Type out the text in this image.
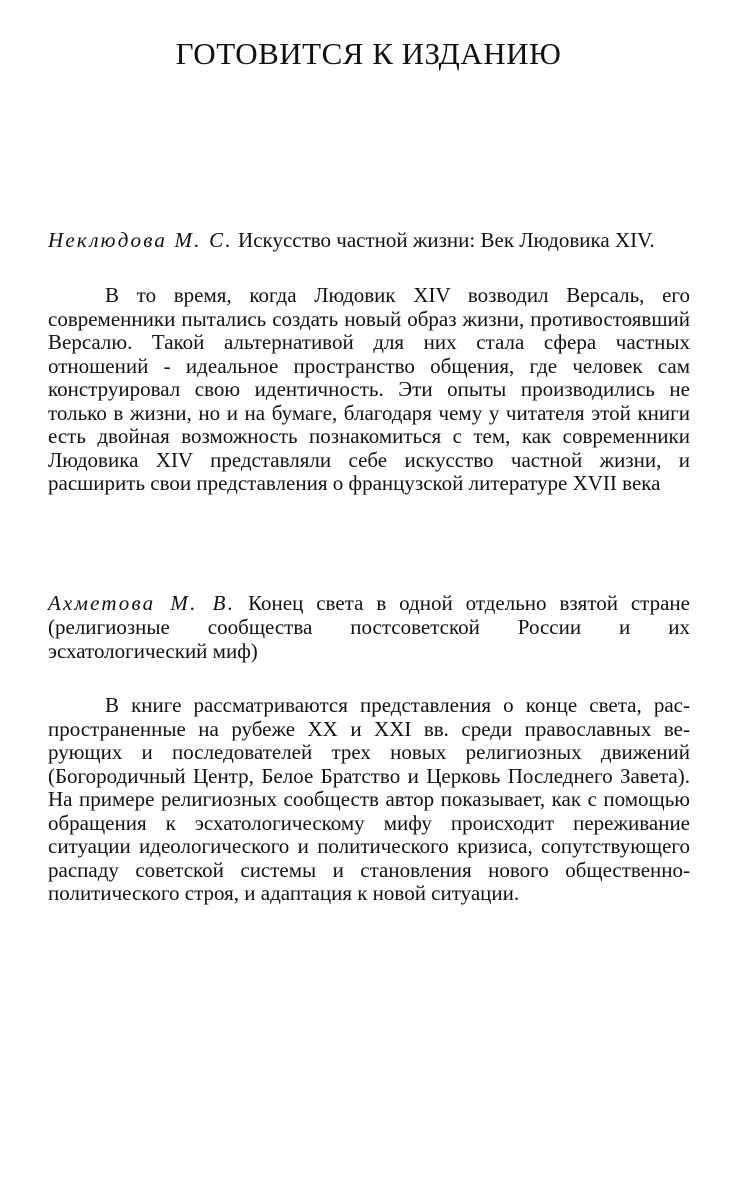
ГОТОВИТСЯ К ИЗДАНИЮ

Неклюдова М. С. Искусство частной жизни: Век Людовика XIV.

В то время, когда Людовик XIV возводил Версаль, его современники пытались создать новый образ жизни, противостоявший Версалю. Такой альтернативой для них стала сфера частных отношений - идеальное пространство общения, где человек сам конструировал свою идентичность. Эти опыты производились не только в жизни, но и на бумаге, благодаря чему у читателя этой книги есть двойная возможность познакомиться с тем, как современники Людовика XIV представляли себе искусство частной жизни, и расширить свои представления о французской литературе XVII века

Ахметова М. В. Конец света в одной отдельно взятой стране (религиозные сообщества постсоветской России и их эсхатологический миф)

В книге рассматриваются представления о конце света, распространенные на рубеже XX и XXI вв. среди православных верующих и последователей трех новых религиозных движений (Богородичный Центр, Белое Братство и Церковь Последнего Завета). На примере религиозных сообществ автор показывает, как с помощью обращения к эсхатологическому мифу происходит переживание ситуации идеологического и политического кризиса, сопутствующего распаду советской системы и становления нового общественно-политического строя, и адаптация к новой ситуации.
